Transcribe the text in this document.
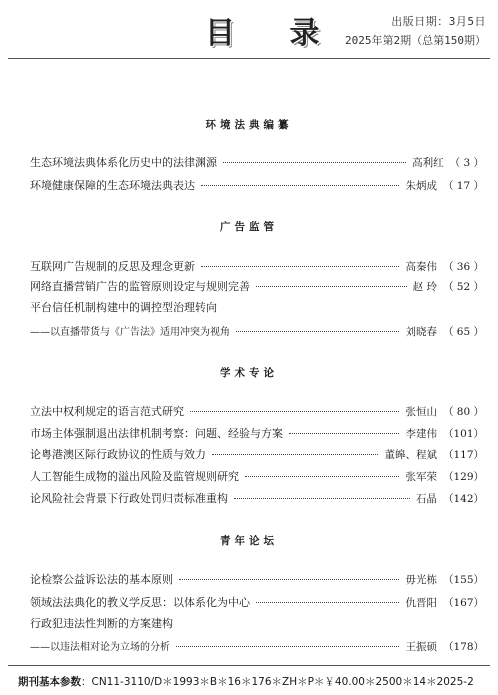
目 录	出版日期：3月5日
2025年第2期（总第150期）
环境法典编纂
生态环境法典体系化历史中的法律渊源	高利红 （ 3 ）
环境健康保障的生态环境法典表达	朱炳成 （ 17 ）
广告监管
互联网广告规制的反思及理念更新	高秦伟 （ 36 ）
网络直播营销广告的监管原则设定与规则完善	赵 玲 （ 52 ）
平台信任机制构建中的调控型治理转向
——以直播带货与《广告法》适用冲突为视角	刘晓春 （ 65 ）
学术专论
立法中权利规定的语言范式研究	张恒山 （ 80 ）
市场主体强制退出法律机制考察：问题、经验与方案	李建伟 （101）
论粤港澳区际行政协议的性质与效力	董皞、程斌 （117）
人工智能生成物的溢出风险及监管规则研究	张军荣 （129）
论风险社会背景下行政处罚归责标准重构	石晶 （142）
青年论坛
论检察公益诉讼法的基本原则	毋光栋 （155）
领域法法典化的教义学反思：以体系化为中心	仇晋阳 （167）
行政犯违法性判断的方案建构
——以违法相对论为立场的分析	王振硕 （178）
期刊基本参数：CN11-3110/D＊1993＊B＊16＊176＊ZH＊P＊￥40.00＊2500＊14＊2025-2
